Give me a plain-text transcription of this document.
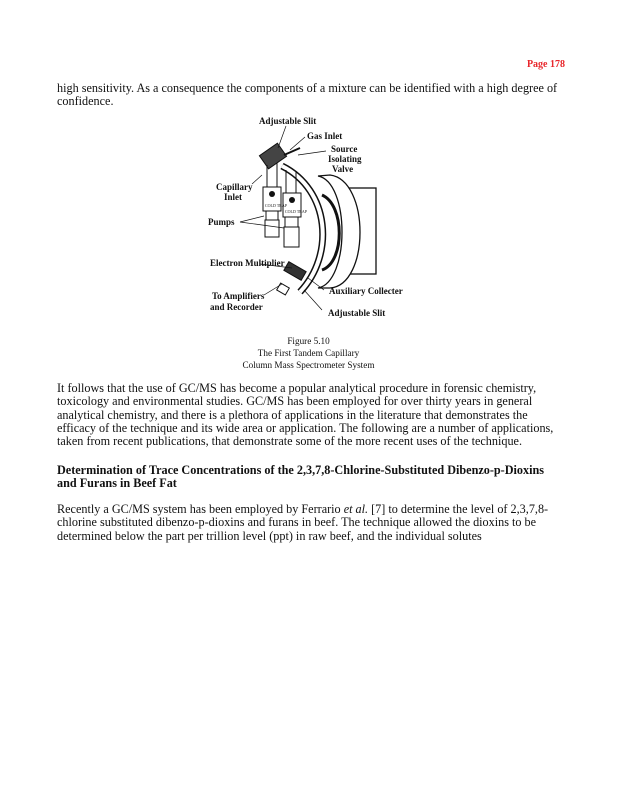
Page 178
high sensitivity. As a consequence the components of a mixture can be identified with a high degree of
confidence.
COLD TRAP
COLD TRAP
Adjustable Slit
Gas Inlet
Source
Isolating
Valve
Capillary
Inlet
Pumps
Electron Multiplier
To Amplifiers
and Recorder
Auxiliary Collecter
Adjustable Slit
Figure 5.10
The First Tandem Capillary
Column Mass Spectrometer System
It follows that the use of GC/MS has become a popular analytical procedure in forensic chemistry,
toxicology and environmental studies. GC/MS has been employed for over thirty years in general
analytical chemistry, and there is a plethora of applications in the literature that demonstrates the
efficacy of the technique and its wide area or application. The following are a number of applications,
taken from recent publications, that demonstrate some of the more recent uses of the technique.
Determination of Trace Concentrations of the 2,3,7,8-Chlorine-Substituted Dibenzo-p-Dioxins
and Furans in Beef Fat
Recently a GC/MS system has been employed by Ferrario et al. [7] to determine the level of 2,3,7,8-
chlorine substituted dibenzo-p-dioxins and furans in beef. The technique allowed the dioxins to be
determined below the part per trillion level (ppt) in raw beef, and the individual solutes
